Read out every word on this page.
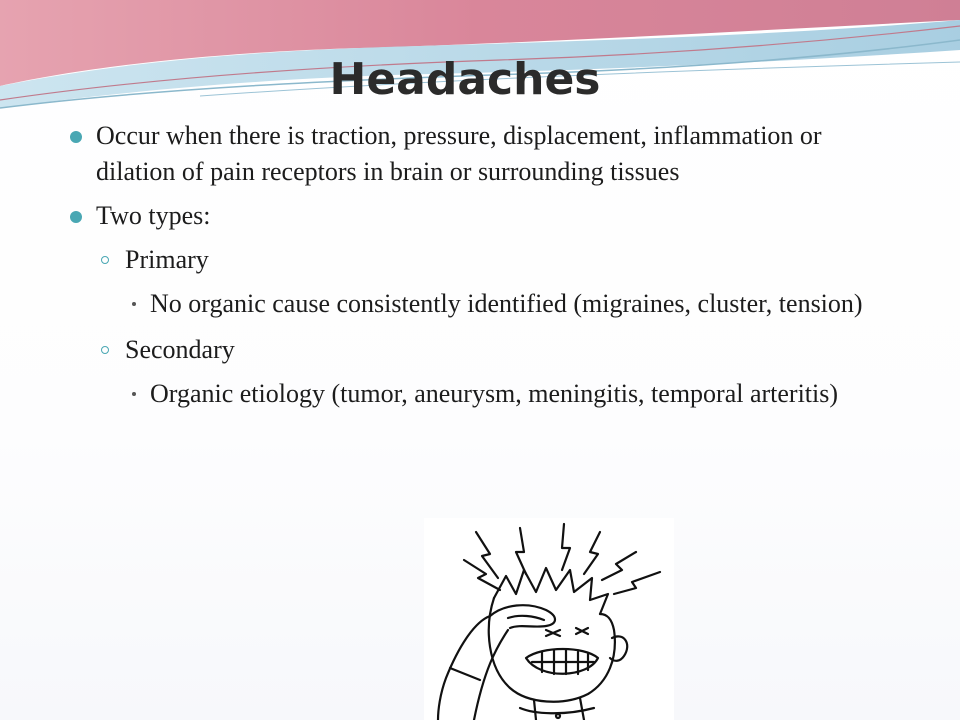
Headaches
Occur when there is traction, pressure, displacement, inflammation or dilation of pain receptors in brain or surrounding tissues
Two types:
Primary
No organic cause consistently identified (migraines, cluster, tension)
Secondary
Organic etiology (tumor, aneurysm, meningitis, temporal arteritis)
